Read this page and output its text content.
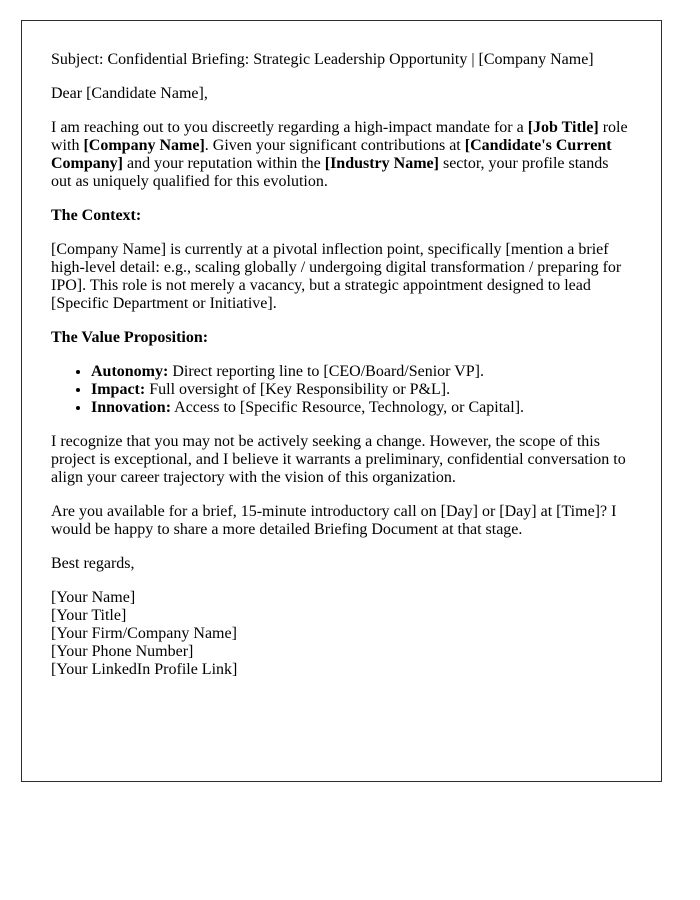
Subject: Confidential Briefing: Strategic Leadership Opportunity | [Company Name]

Dear [Candidate Name],

I am reaching out to you discreetly regarding a high-impact mandate for a [Job Title] role with [Company Name]. Given your significant contributions at [Candidate's Current Company] and your reputation within the [Industry Name] sector, your profile stands out as uniquely qualified for this evolution.

The Context:

[Company Name] is currently at a pivotal inflection point, specifically [mention a brief high-level detail: e.g., scaling globally / undergoing digital transformation / preparing for IPO]. This role is not merely a vacancy, but a strategic appointment designed to lead [Specific Department or Initiative].

The Value Proposition:

• Autonomy: Direct reporting line to [CEO/Board/Senior VP].
• Impact: Full oversight of [Key Responsibility or P&L].
• Innovation: Access to [Specific Resource, Technology, or Capital].

I recognize that you may not be actively seeking a change. However, the scope of this project is exceptional, and I believe it warrants a preliminary, confidential conversation to align your career trajectory with the vision of this organization.

Are you available for a brief, 15-minute introductory call on [Day] or [Day] at [Time]? I would be happy to share a more detailed Briefing Document at that stage.

Best regards,

[Your Name]
[Your Title]
[Your Firm/Company Name]
[Your Phone Number]
[Your LinkedIn Profile Link]
